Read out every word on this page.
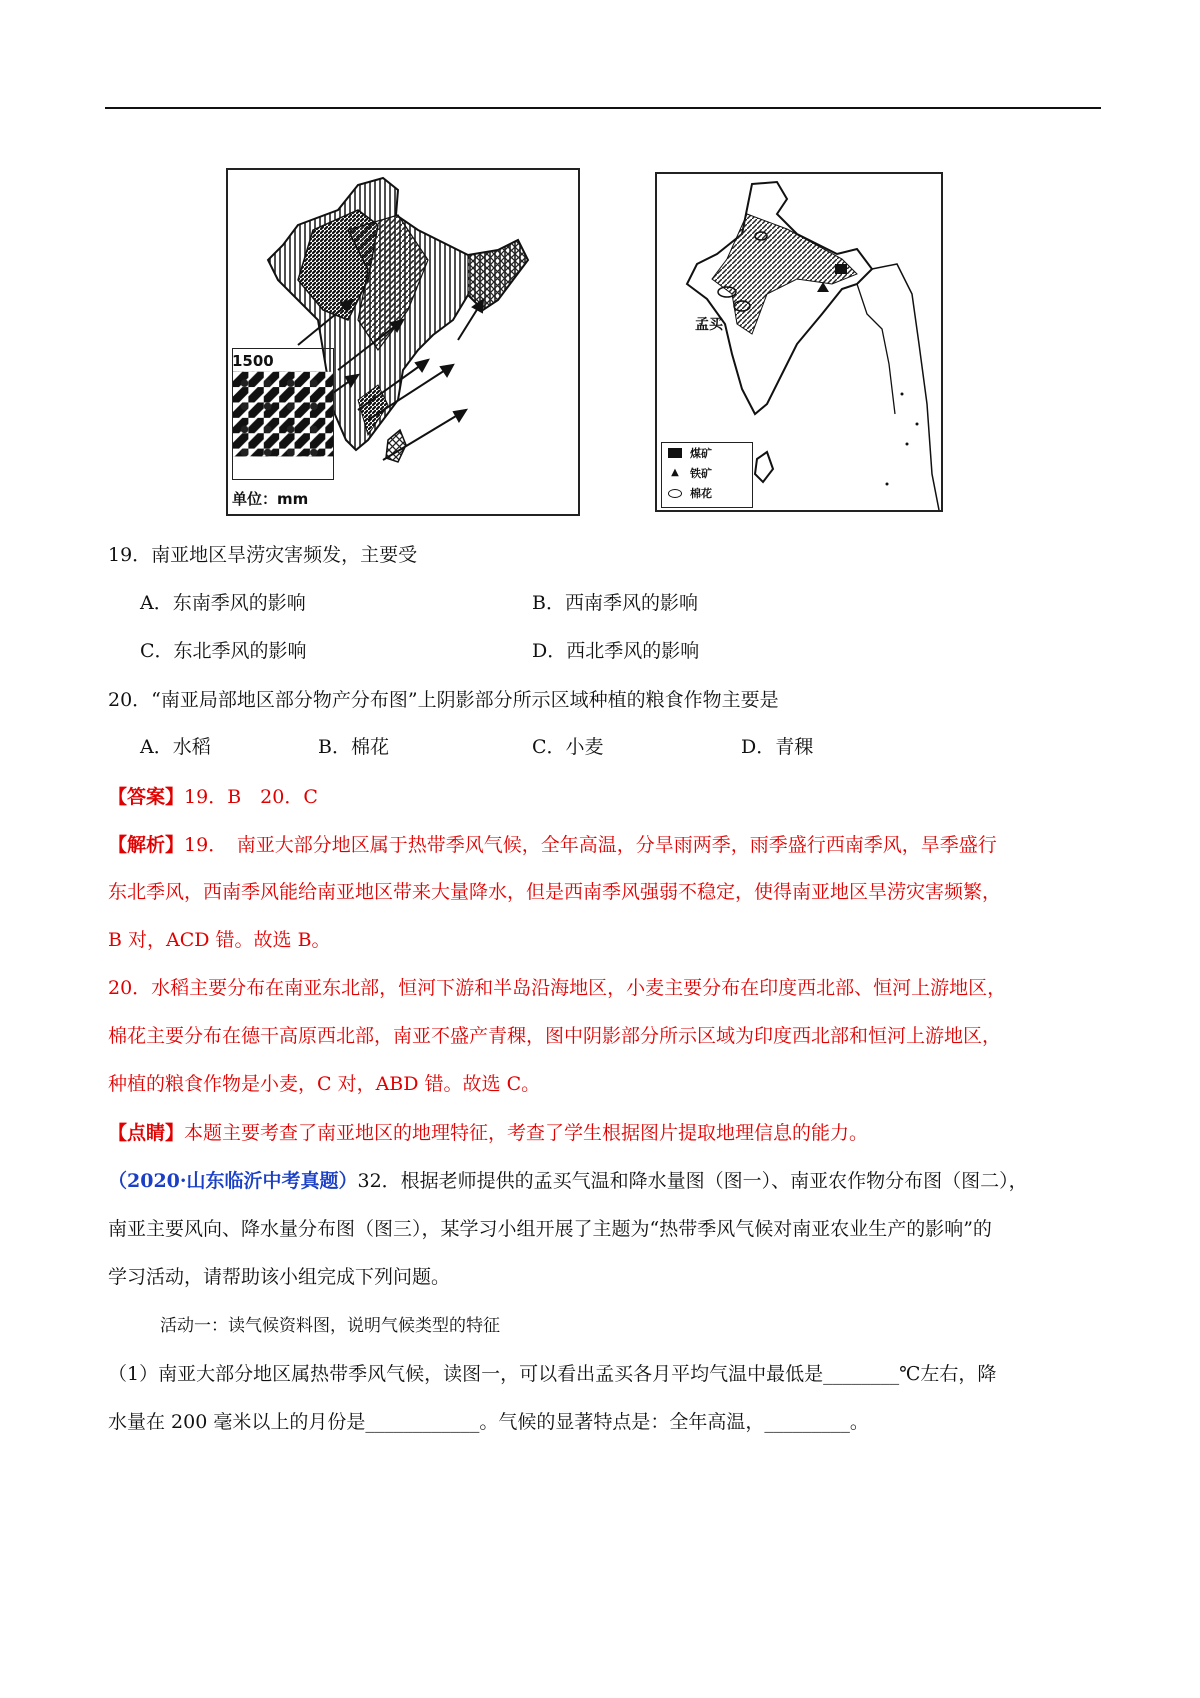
1500
单位：mm
孟买
煤矿
▲ 铁矿
棉花
19．南亚地区旱涝灾害频发，主要受
A．东南季风的影响	B．西南季风的影响
C．东北季风的影响	D．西北季风的影响
20．“南亚局部地区部分物产分布图”上阴影部分所示区域种植的粮食作物主要是
A．水稻	B．棉花	C．小麦	D．青稞
【答案】19．B　20．C
【解析】19．　南亚大部分地区属于热带季风气候，全年高温，分旱雨两季，雨季盛行西南季风，旱季盛行
东北季风，西南季风能给南亚地区带来大量降水，但是西南季风强弱不稳定，使得南亚地区旱涝灾害频繁，
B 对，ACD 错。故选 B。
20．水稻主要分布在南亚东北部，恒河下游和半岛沿海地区，小麦主要分布在印度西北部、恒河上游地区，
棉花主要分布在德干高原西北部，南亚不盛产青稞，图中阴影部分所示区域为印度西北部和恒河上游地区，
种植的粮食作物是小麦，C 对，ABD 错。故选 C。
【点睛】本题主要考查了南亚地区的地理特征，考查了学生根据图片提取地理信息的能力。
（2020·山东临沂中考真题）32．根据老师提供的孟买气温和降水量图（图一）、南亚农作物分布图（图二），
南亚主要风向、降水量分布图（图三），某学习小组开展了主题为“热带季风气候对南亚农业生产的影响”的
学习活动，请帮助该小组完成下列问题。
活动一：读气候资料图，说明气候类型的特征
（1）南亚大部分地区属热带季风气候，读图一，可以看出孟买各月平均气温中最低是________℃左右，降
水量在 200 毫米以上的月份是____________。气候的显著特点是：全年高温，_________。
